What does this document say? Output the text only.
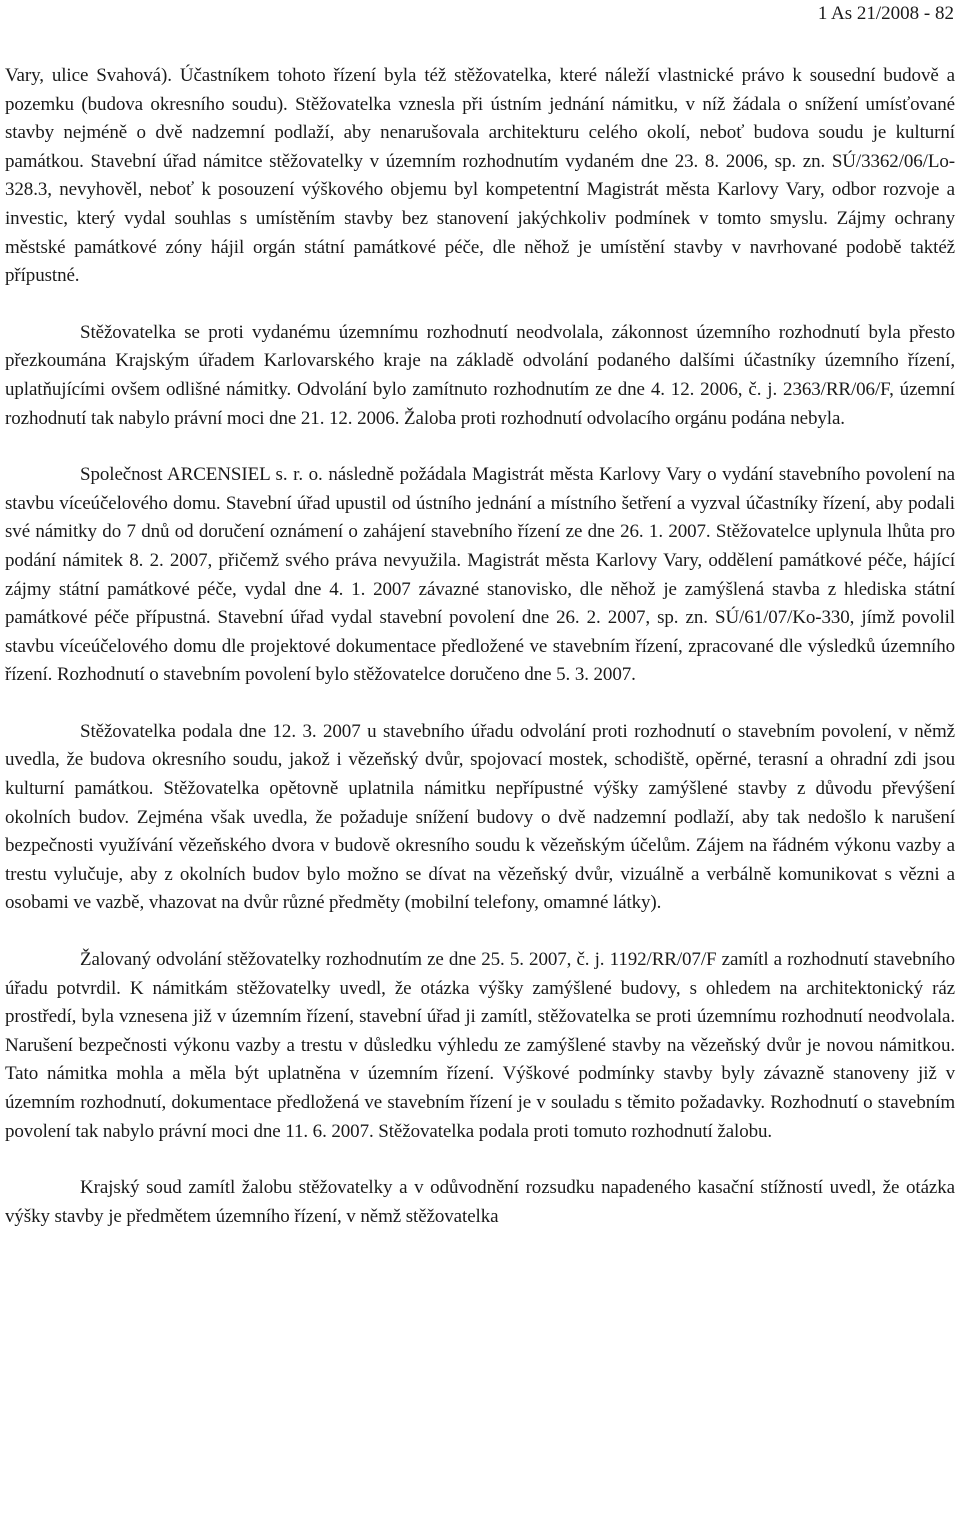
1 As 21/2008 - 82

Vary, ulice Svahová). Účastníkem tohoto řízení byla též stěžovatelka, které náleží vlastnické právo k sousední budově a pozemku (budova okresního soudu). Stěžovatelka vznesla při ústním jednání námitku, v níž žádala o snížení umísťované stavby nejméně o dvě nadzemní podlaží, aby nenarušovala architekturu celého okolí, neboť budova soudu je kulturní památkou. Stavební úřad námitce stěžovatelky v územním rozhodnutím vydaném dne 23. 8. 2006, sp. zn. SÚ/3362/06/Lo-328.3, nevyhověl, neboť k posouzení výškového objemu byl kompetentní Magistrát města Karlovy Vary, odbor rozvoje a investic, který vydal souhlas s umístěním stavby bez stanovení jakýchkoliv podmínek v tomto smyslu. Zájmy ochrany městské památkové zóny hájil orgán státní památkové péče, dle něhož je umístění stavby v navrhované podobě taktéž přípustné.

Stěžovatelka se proti vydanému územnímu rozhodnutí neodvolala, zákonnost územního rozhodnutí byla přesto přezkoumána Krajským úřadem Karlovarského kraje na základě odvolání podaného dalšími účastníky územního řízení, uplatňujícími ovšem odlišné námitky. Odvolání bylo zamítnuto rozhodnutím ze dne 4. 12. 2006, č. j. 2363/RR/06/F, územní rozhodnutí tak nabylo právní moci dne 21. 12. 2006. Žaloba proti rozhodnutí odvolacího orgánu podána nebyla.

Společnost ARCENSIEL s. r. o. následně požádala Magistrát města Karlovy Vary o vydání stavebního povolení na stavbu víceúčelového domu. Stavební úřad upustil od ústního jednání a místního šetření a vyzval účastníky řízení, aby podali své námitky do 7 dnů od doručení oznámení o zahájení stavebního řízení ze dne 26. 1. 2007. Stěžovatelce uplynula lhůta pro podání námitek 8. 2. 2007, přičemž svého práva nevyužila. Magistrát města Karlovy Vary, oddělení památkové péče, hájící zájmy státní památkové péče, vydal dne 4. 1. 2007 závazné stanovisko, dle něhož je zamýšlená stavba z hlediska státní památkové péče přípustná. Stavební úřad vydal stavební povolení dne 26. 2. 2007, sp. zn. SÚ/61/07/Ko-330, jímž povolil stavbu víceúčelového domu dle projektové dokumentace předložené ve stavebním řízení, zpracované dle výsledků územního řízení. Rozhodnutí o stavebním povolení bylo stěžovatelce doručeno dne 5. 3. 2007.

Stěžovatelka podala dne 12. 3. 2007 u stavebního úřadu odvolání proti rozhodnutí o stavebním povolení, v němž uvedla, že budova okresního soudu, jakož i vězeňský dvůr, spojovací mostek, schodiště, opěrné, terasní a ohradní zdi jsou kulturní památkou. Stěžovatelka opětovně uplatnila námitku nepřípustné výšky zamýšlené stavby z důvodu převýšení okolních budov. Zejména však uvedla, že požaduje snížení budovy o dvě nadzemní podlaží, aby tak nedošlo k narušení bezpečnosti využívání vězeňského dvora v budově okresního soudu k vězeňským účelům. Zájem na řádném výkonu vazby a trestu vylučuje, aby z okolních budov bylo možno se dívat na vězeňský dvůr, vizuálně a verbálně komunikovat s vězni a osobami ve vazbě, vhazovat na dvůr různé předměty (mobilní telefony, omamné látky).

Žalovaný odvolání stěžovatelky rozhodnutím ze dne 25. 5. 2007, č. j. 1192/RR/07/F zamítl a rozhodnutí stavebního úřadu potvrdil. K námitkám stěžovatelky uvedl, že otázka výšky zamýšlené budovy, s ohledem na architektonický ráz prostředí, byla vznesena již v územním řízení, stavební úřad ji zamítl, stěžovatelka se proti územnímu rozhodnutí neodvolala. Narušení bezpečnosti výkonu vazby a trestu v důsledku výhledu ze zamýšlené stavby na vězeňský dvůr je novou námitkou. Tato námitka mohla a měla být uplatněna v územním řízení. Výškové podmínky stavby byly závazně stanoveny již v územním rozhodnutí, dokumentace předložená ve stavebním řízení je v souladu s těmito požadavky. Rozhodnutí o stavebním povolení tak nabylo právní moci dne 11. 6. 2007. Stěžovatelka podala proti tomuto rozhodnutí žalobu.

Krajský soud zamítl žalobu stěžovatelky a v odůvodnění rozsudku napadeného kasační stížností uvedl, že otázka výšky stavby je předmětem územního řízení, v němž stěžovatelka
